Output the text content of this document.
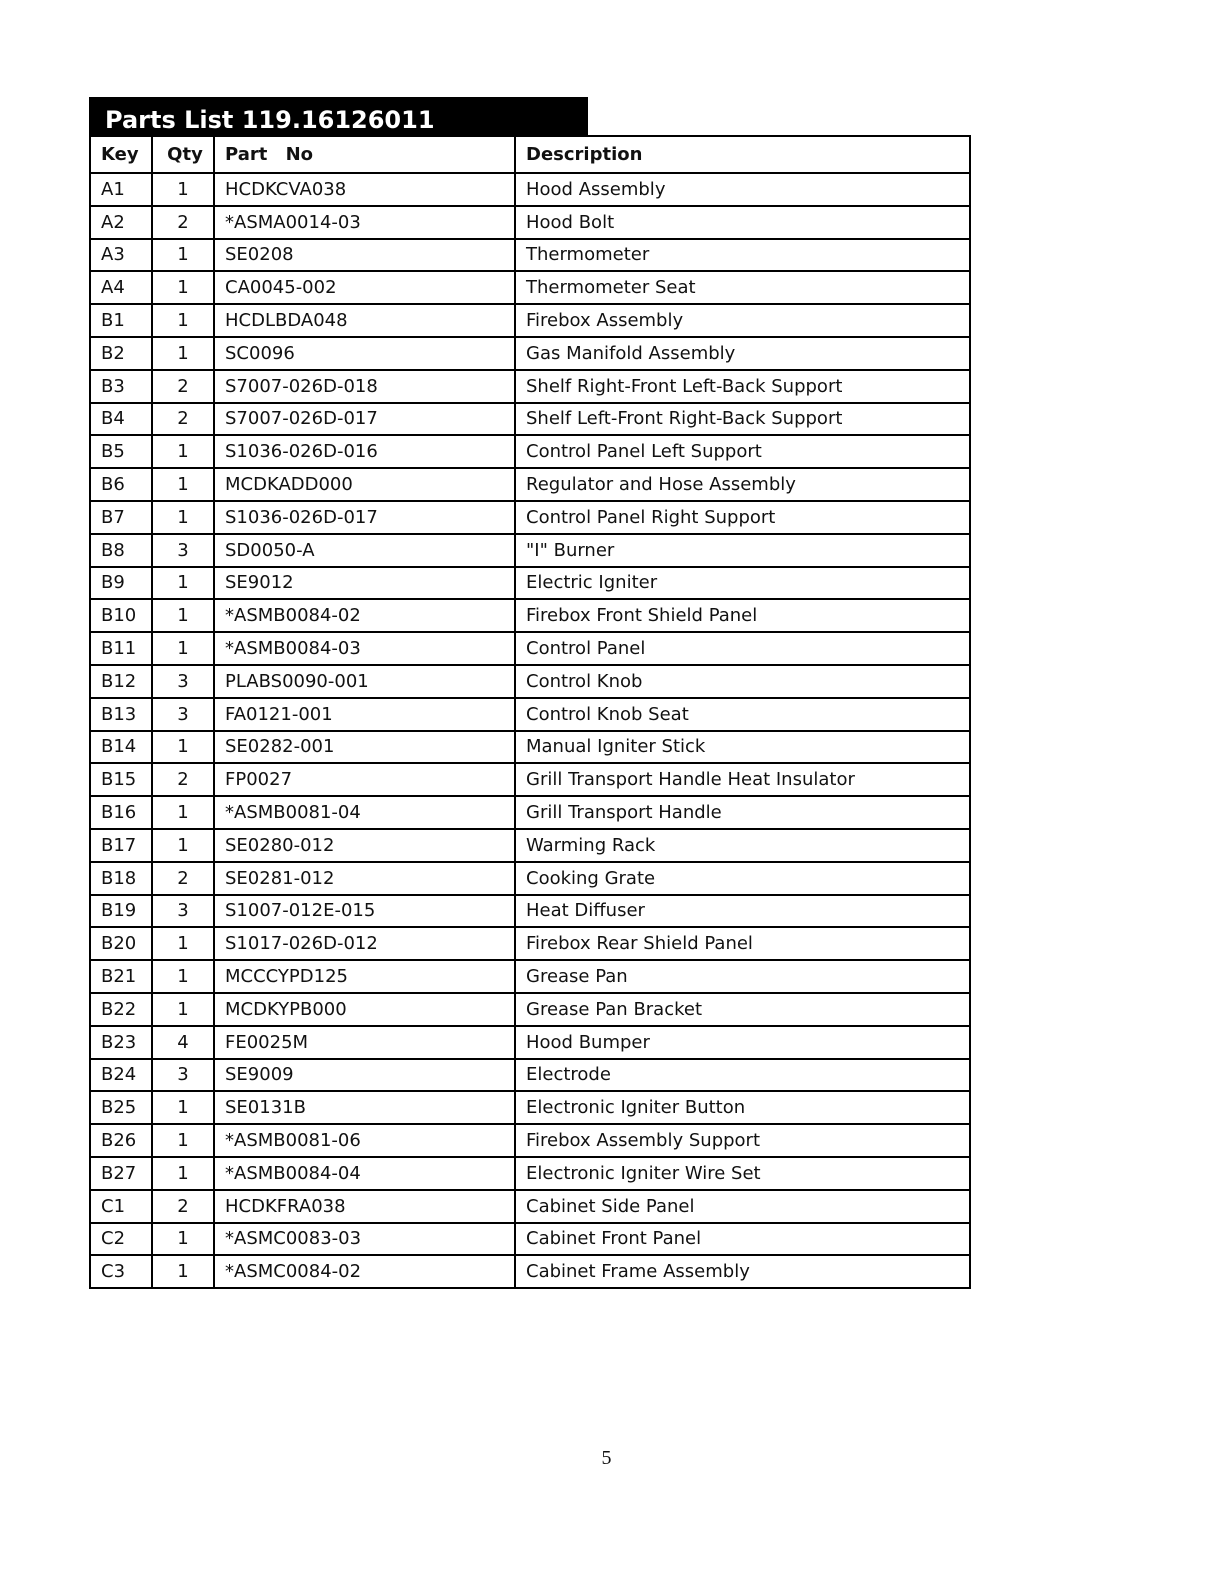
Parts List 119.16126011
Key	Qty	Part No	Description
A1	1	HCDKCVA038	Hood Assembly
A2	2	*ASMA0014-03	Hood Bolt
A3	1	SE0208	Thermometer
A4	1	CA0045-002	Thermometer Seat
B1	1	HCDLBDA048	Firebox Assembly
B2	1	SC0096	Gas Manifold Assembly
B3	2	S7007-026D-018	Shelf Right-Front Left-Back Support
B4	2	S7007-026D-017	Shelf Left-Front Right-Back Support
B5	1	S1036-026D-016	Control Panel Left Support
B6	1	MCDKADD000	Regulator and Hose Assembly
B7	1	S1036-026D-017	Control Panel Right Support
B8	3	SD0050-A	"I" Burner
B9	1	SE9012	Electric Igniter
B10	1	*ASMB0084-02	Firebox Front Shield Panel
B11	1	*ASMB0084-03	Control Panel
B12	3	PLABS0090-001	Control Knob
B13	3	FA0121-001	Control Knob Seat
B14	1	SE0282-001	Manual Igniter Stick
B15	2	FP0027	Grill Transport Handle Heat Insulator
B16	1	*ASMB0081-04	Grill Transport Handle
B17	1	SE0280-012	Warming Rack
B18	2	SE0281-012	Cooking Grate
B19	3	S1007-012E-015	Heat Diffuser
B20	1	S1017-026D-012	Firebox Rear Shield Panel
B21	1	MCCCYPD125	Grease Pan
B22	1	MCDKYPB000	Grease Pan Bracket
B23	4	FE0025M	Hood Bumper
B24	3	SE9009	Electrode
B25	1	SE0131B	Electronic Igniter Button
B26	1	*ASMB0081-06	Firebox Assembly Support
B27	1	*ASMB0084-04	Electronic Igniter Wire Set
C1	2	HCDKFRA038	Cabinet Side Panel
C2	1	*ASMC0083-03	Cabinet Front Panel
C3	1	*ASMC0084-02	Cabinet Frame Assembly
5
